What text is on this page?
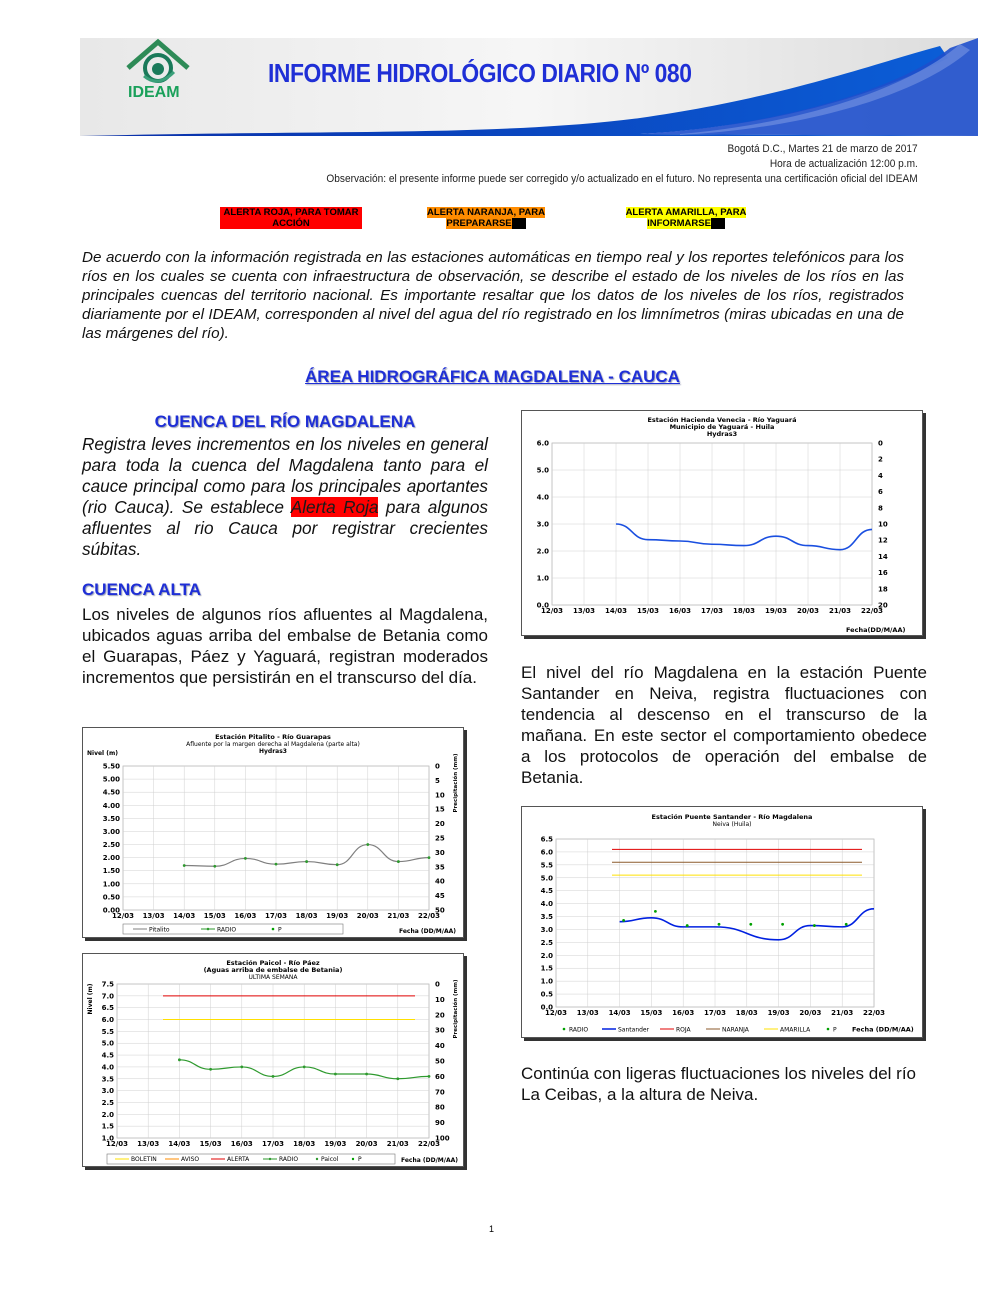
IDEAM
INFORME HIDROLÓGICO DIARIO Nº 080
Bogotá D.C., Martes 21 de marzo de 2017
Hora de actualización 12:00 p.m.
Observación: el presente informe puede ser corregido y/o actualizado en el futuro. No representa una certificación oficial del IDEAM
ALERTA ROJA, PARA TOMAR ACCIÓN
ALERTA NARANJA, PARA PREPARARSE
ALERTA AMARILLA, PARA INFORMARSE

De acuerdo con la información registrada en las estaciones automáticas en tiempo real y los reportes telefónicos para los ríos en los cuales se cuenta con infraestructura de observación, se describe el estado de los niveles de los ríos en las principales cuencas del territorio nacional. Es importante resaltar que los datos de los niveles de los ríos, registrados diariamente por el IDEAM, corresponden al nivel del agua del río registrado en los limnímetros (miras ubicadas en una de las márgenes del río).

ÁREA HIDROGRÁFICA MAGDALENA - CAUCA
CUENCA DEL RÍO MAGDALENA

Registra leves incrementos en los niveles en general para toda la cuenca del Magdalena tanto para el cauce principal como para los principales aportantes (rio Cauca). Se establece Alerta Roja para algunos afluentes al rio Cauca por registrar crecientes súbitas.

CUENCA ALTA

Los niveles de algunos ríos afluentes al Magdalena, ubicados aguas arriba del embalse de Betania como el Guarapas, Páez y Yaguará, registran moderados incrementos que persistirán en el transcurso del día.

Estación Pitalito - Río Guarapas
Afluente por la margen derecha al Magdalena (parte alta)
Hydras3
Nivel (m)	Precipitación (mm)
0.00
0.50
1.00
1.50
2.00
2.50
3.00
3.50
4.00
4.50
5.00
5.50
12/03 13/03 14/03 15/03 16/03 17/03 18/03 19/03 20/03 21/03 22/03
0
5
10
15
20
25
30
35
40
45
50
Fecha (DD/M/AA)
Pitalito	RADIO	P
Estación Paicol - Río Páez
(Aguas arriba de embalse de Betania)
ULTIMA SEMANA
Nivel (m)	Precipitación (mm)
1.0
1.5
2.0
2.5
3.0
3.5
4.0
4.5
5.0
5.5
6.0
6.5
7.0
7.5
12/03 13/03 14/03 15/03 16/03 17/03 18/03 19/03 20/03 21/03 22/03
0
10
20
30
40
50
60
70
80
90
100
Fecha (DD/M/AA)
BOLETIN	AVISO	ALERTA	RADIO	Paicol	P
Estación Hacienda Venecia - Río Yaguará
Municipio de Yaguará - Huila
Hydras3
0.0
1.0
2.0
3.0
4.0
5.0
6.0
12/03 13/03 14/03 15/03 16/03 17/03 18/03 19/03 20/03 21/03 22/03
0
2
4
6
8
10
12
14
16
18
20
Fecha(DD/M/AA)

El nivel del río Magdalena en la estación Puente Santander en Neiva, registra fluctuaciones con tendencia al descenso en el transcurso de la mañana. En este sector el comportamiento obedece a los protocolos de operación del embalse de Betania.

Estación Puente Santander - Río Magdalena
Neiva (Huila)
0.0
0.5
1.0
1.5
2.0
2.5
3.0
3.5
4.0
4.5
5.0
5.5
6.0
6.5
12/03 13/03 14/03 15/03 16/03 17/03 18/03 19/03 20/03 21/03 22/03
RADIO	Santander	ROJA	NARANJA	AMARILLA	P Fecha (DD/M/AA)

Continúa con ligeras fluctuaciones los niveles del río La Ceibas, a la altura de Neiva.

1
